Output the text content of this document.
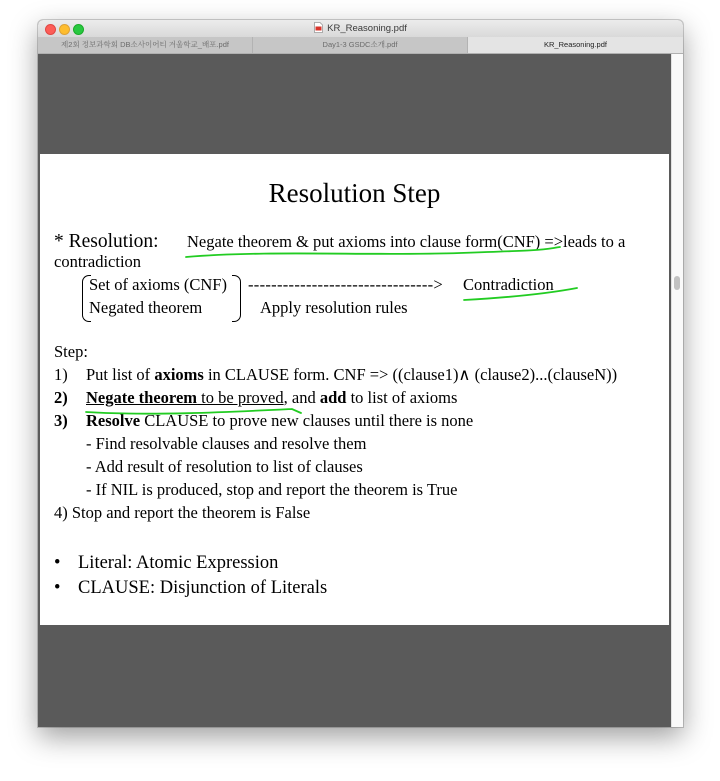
KR_Reasoning.pdf
제2회 정보과학회 DB소사이어티 겨울학교_배포.pdf	Day1-3 GSDC소개.pdf	KR_Reasoning.pdf
Resolution Step
* Resolution: Negate theorem & put axioms into clause form(CNF) =>leads to a
contradiction
Set of axioms (CNF)
Negated theorem
--------------------------------> Contradiction
Apply resolution rules
Step:
1) Put list of axioms in CLAUSE form. CNF => ((clause1)∧ (clause2)...(clauseN))
2) Negate theorem to be proved, and add to list of axioms
3) Resolve CLAUSE to prove new clauses until there is none
- Find resolvable clauses and resolve them
- Add result of resolution to list of clauses
- If NIL is produced, stop and report the theorem is True
4) Stop and report the theorem is False
• Literal: Atomic Expression
• CLAUSE: Disjunction of Literals
